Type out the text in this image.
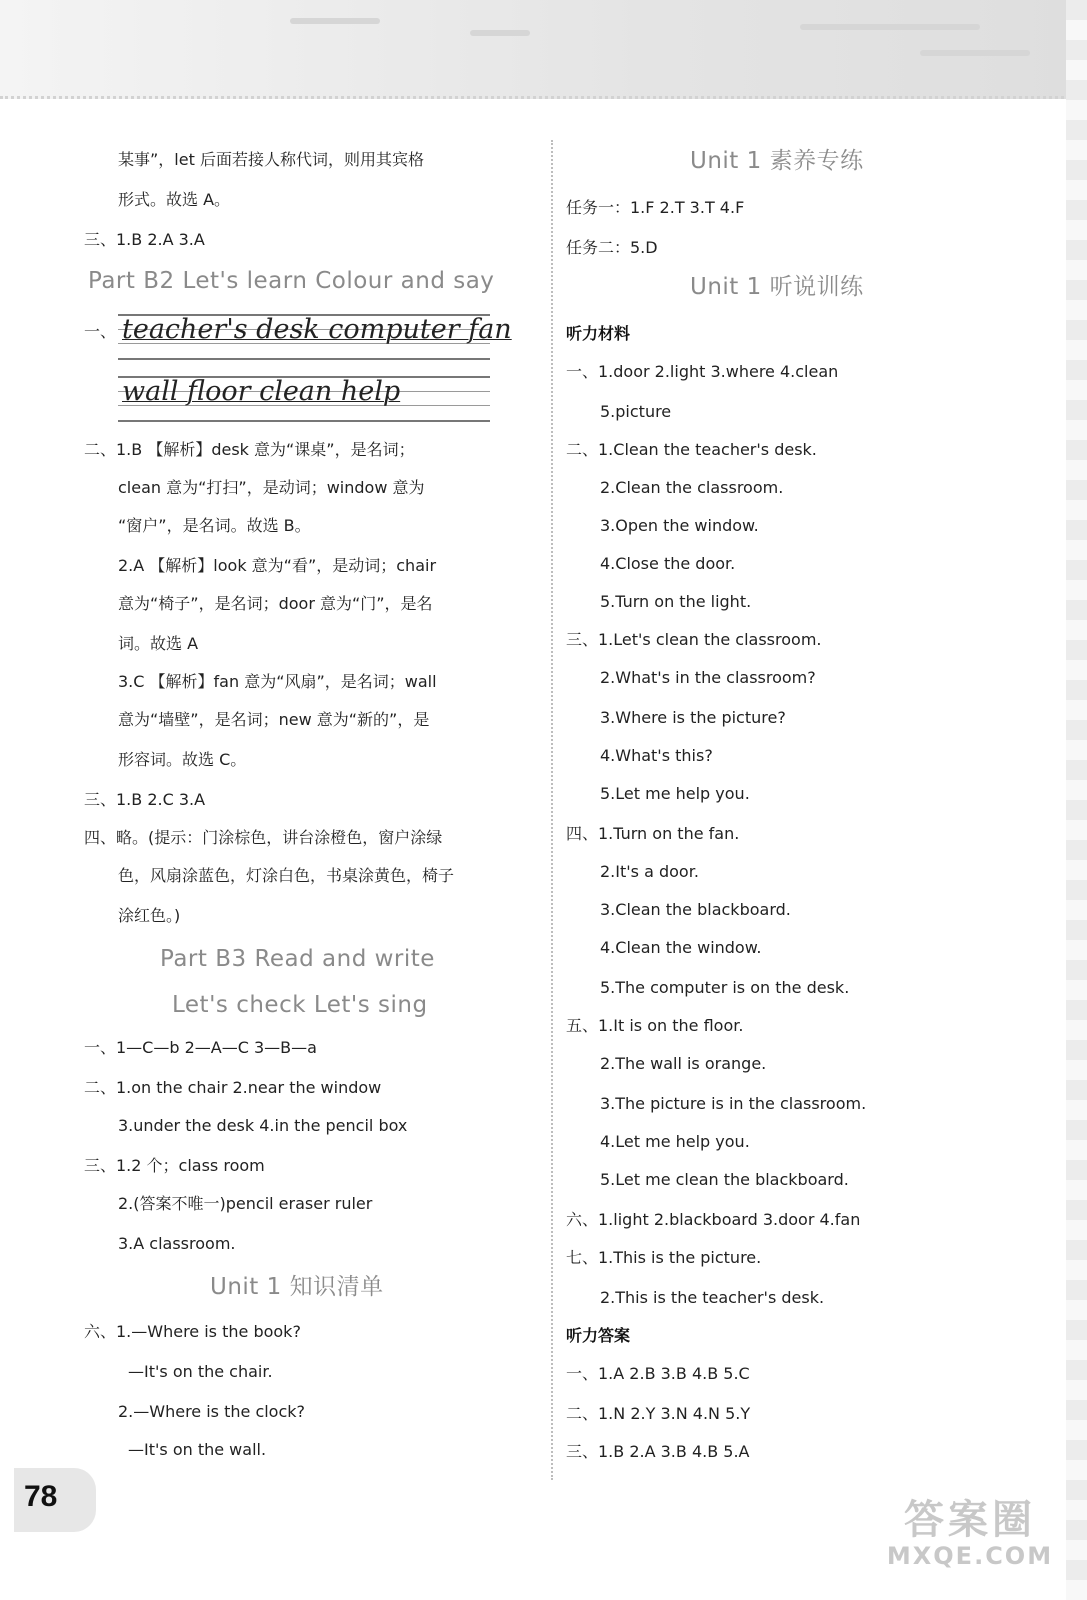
某事”，let 后面若接人称代词，则用其宾格
形式。故选 A。
三、1.B 2.A 3.A
Part B2 Let's learn Colour and say
一、 teacher's desk computer fan
wall floor clean help
二、1.B 【解析】desk 意为“课桌”，是名词；
clean 意为“打扫”，是动词；window 意为
“窗户”，是名词。故选 B。
2.A 【解析】look 意为“看”，是动词；chair
意为“椅子”，是名词；door 意为“门”，是名
词。故选 A
3.C 【解析】fan 意为“风扇”，是名词；wall
意为“墙壁”，是名词；new 意为“新的”，是
形容词。故选 C。
三、1.B 2.C 3.A
四、略。(提示：门涂棕色，讲台涂橙色，窗户涂绿
色，风扇涂蓝色，灯涂白色，书桌涂黄色，椅子
涂红色。)
Part B3 Read and write
Let's check Let's sing
一、1—C—b 2—A—C 3—B—a
二、1.on the chair 2.near the window
3.under the desk 4.in the pencil box
三、1.2 个；class room
2.(答案不唯一)pencil eraser ruler
3.A classroom.
Unit 1 知识清单
六、1.—Where is the book?
—It's on the chair.
2.—Where is the clock?
—It's on the wall.
Unit 1 素养专练
任务一：1.F 2.T 3.T 4.F
任务二：5.D
Unit 1 听说训练
听力材料
一、1.door 2.light 3.where 4.clean
5.picture
二、1.Clean the teacher's desk.
2.Clean the classroom.
3.Open the window.
4.Close the door.
5.Turn on the light.
三、1.Let's clean the classroom.
2.What's in the classroom?
3.Where is the picture?
4.What's this?
5.Let me help you.
四、1.Turn on the fan.
2.It's a door.
3.Clean the blackboard.
4.Clean the window.
5.The computer is on the desk.
五、1.It is on the floor.
2.The wall is orange.
3.The picture is in the classroom.
4.Let me help you.
5.Let me clean the blackboard.
六、1.light 2.blackboard 3.door 4.fan
七、1.This is the picture.
2.This is the teacher's desk.
听力答案
一、1.A 2.B 3.B 4.B 5.C
二、1.N 2.Y 3.N 4.N 5.Y
三、1.B 2.A 3.B 4.B 5.A
78
答案圈
MXQE.COM
